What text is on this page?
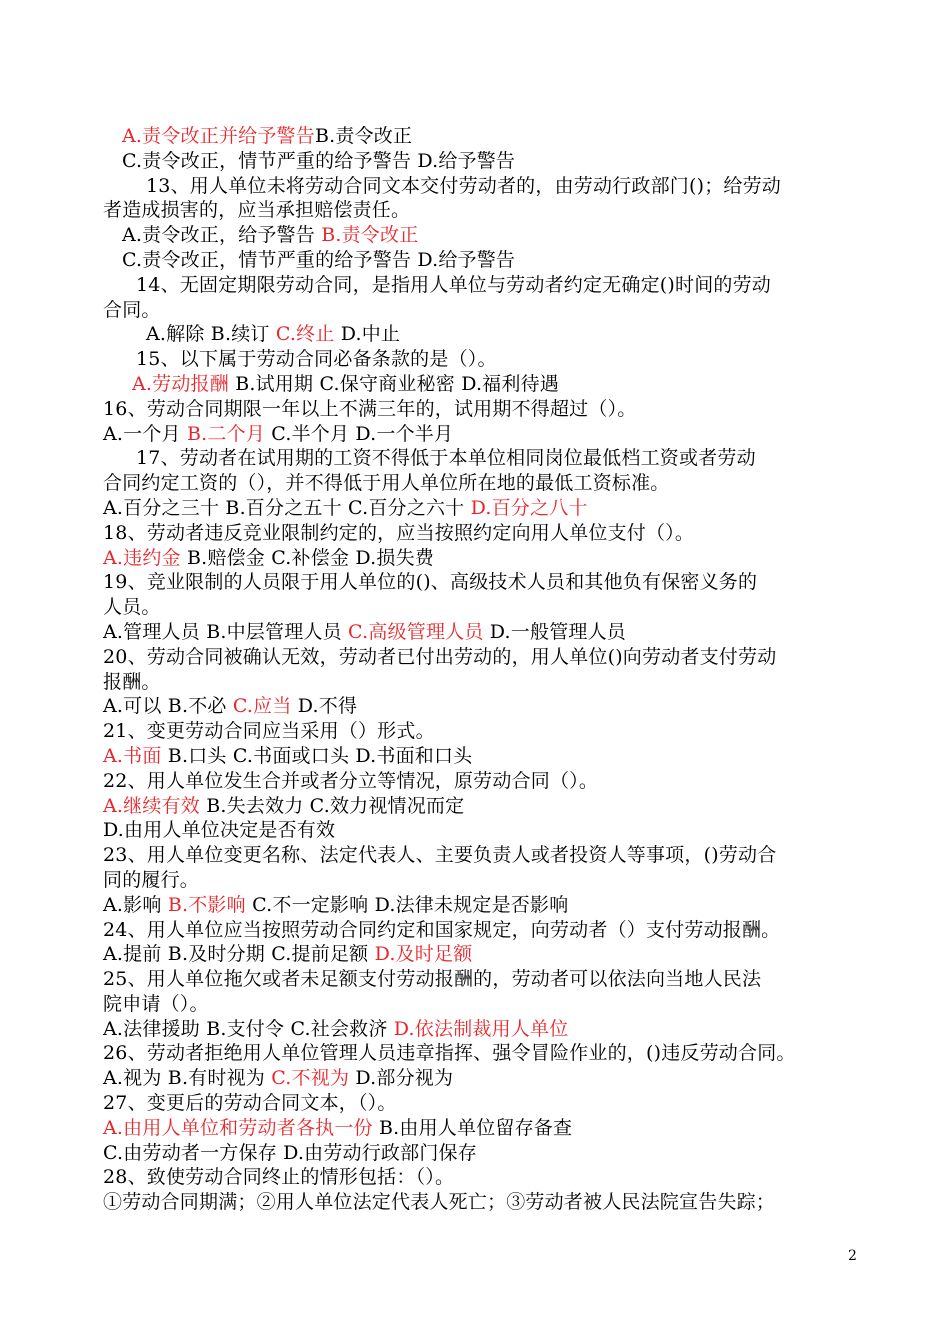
A.责令改正并给予警告B.责令改正
C.责令改正，情节严重的给予警告 D.给予警告
13、用人单位未将劳动合同文本交付劳动者的，由劳动行政部门()；给劳动
者造成损害的，应当承担赔偿责任。
A.责令改正，给予警告 B.责令改正
C.责令改正，情节严重的给予警告 D.给予警告
14、无固定期限劳动合同，是指用人单位与劳动者约定无确定()时间的劳动
合同。
A.解除 B.续订 C.终止 D.中止
15、以下属于劳动合同必备条款的是（）。
A.劳动报酬 B.试用期 C.保守商业秘密 D.福利待遇
16、劳动合同期限一年以上不满三年的，试用期不得超过（）。
A.一个月 B.二个月 C.半个月 D.一个半月
17、劳动者在试用期的工资不得低于本单位相同岗位最低档工资或者劳动
合同约定工资的（），并不得低于用人单位所在地的最低工资标准。
A.百分之三十 B.百分之五十 C.百分之六十 D.百分之八十
18、劳动者违反竞业限制约定的，应当按照约定向用人单位支付（）。
A.违约金 B.赔偿金 C.补偿金 D.损失费
19、竞业限制的人员限于用人单位的()、高级技术人员和其他负有保密义务的
人员。
A.管理人员 B.中层管理人员 C.高级管理人员 D.一般管理人员
20、劳动合同被确认无效，劳动者已付出劳动的，用人单位()向劳动者支付劳动
报酬。
A.可以 B.不必 C.应当 D.不得
21、变更劳动合同应当采用（）形式。
A.书面 B.口头 C.书面或口头 D.书面和口头
22、用人单位发生合并或者分立等情况，原劳动合同（）。
A.继续有效 B.失去效力 C.效力视情况而定
D.由用人单位决定是否有效
23、用人单位变更名称、法定代表人、主要负责人或者投资人等事项，()劳动合
同的履行。
A.影响 B.不影响 C.不一定影响 D.法律未规定是否影响
24、用人单位应当按照劳动合同约定和国家规定，向劳动者（）支付劳动报酬。
A.提前 B.及时分期 C.提前足额 D.及时足额
25、用人单位拖欠或者未足额支付劳动报酬的，劳动者可以依法向当地人民法
院申请（）。
A.法律援助 B.支付令 C.社会救济 D.依法制裁用人单位
26、劳动者拒绝用人单位管理人员违章指挥、强令冒险作业的，()违反劳动合同。
A.视为 B.有时视为 C.不视为 D.部分视为
27、变更后的劳动合同文本，（）。
A.由用人单位和劳动者各执一份 B.由用人单位留存备查
C.由劳动者一方保存 D.由劳动行政部门保存
28、致使劳动合同终止的情形包括：（）。
①劳动合同期满；②用人单位法定代表人死亡；③劳动者被人民法院宣告失踪；
2
